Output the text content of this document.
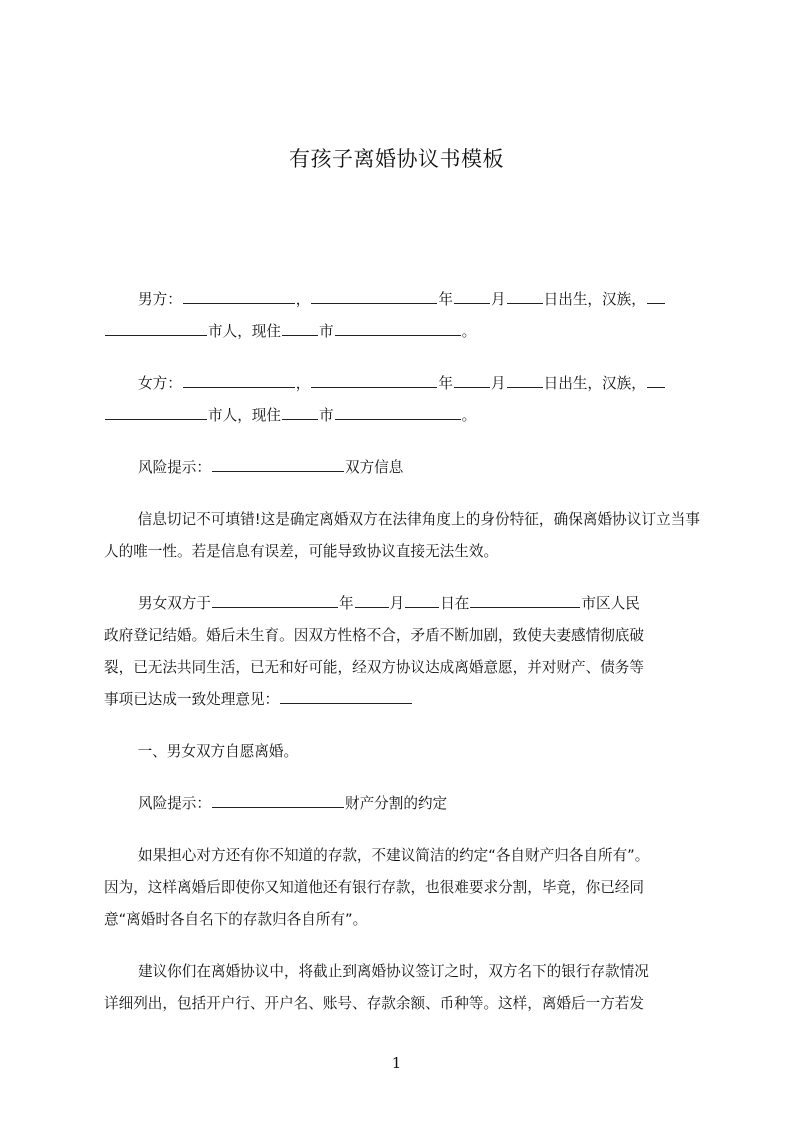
有孩子离婚协议书模板
男方：	，	年	月	日出生，汉族，
市人，现住	市	。
女方：	，	年	月	日出生，汉族，
市人，现住	市	。
风险提示：	双方信息
信息切记不可填错!这是确定离婚双方在法律角度上的身份特征，确保离婚协议订立当事人的唯一性。若是信息有误差，可能导致协议直接无法生效。
男女双方于	年 月 日在	市区人民
政府登记结婚。婚后未生育。因双方性格不合，矛盾不断加剧，致使夫妻感情彻底破
裂，已无法共同生活，已无和好可能，经双方协议达成离婚意愿，并对财产、债务等
事项已达成一致处理意见：
一、男女双方自愿离婚。
风险提示：	财产分割的约定
如果担心对方还有你不知道的存款，不建议简洁的约定“各自财产归各自所有”。
因为，这样离婚后即使你又知道他还有银行存款，也很难要求分割，毕竟，你已经同
意“离婚时各自名下的存款归各自所有”。
建议你们在离婚协议中，将截止到离婚协议签订之时，双方名下的银行存款情况
详细列出，包括开户行、开户名、账号、存款余额、币种等。这样，离婚后一方若发
1
